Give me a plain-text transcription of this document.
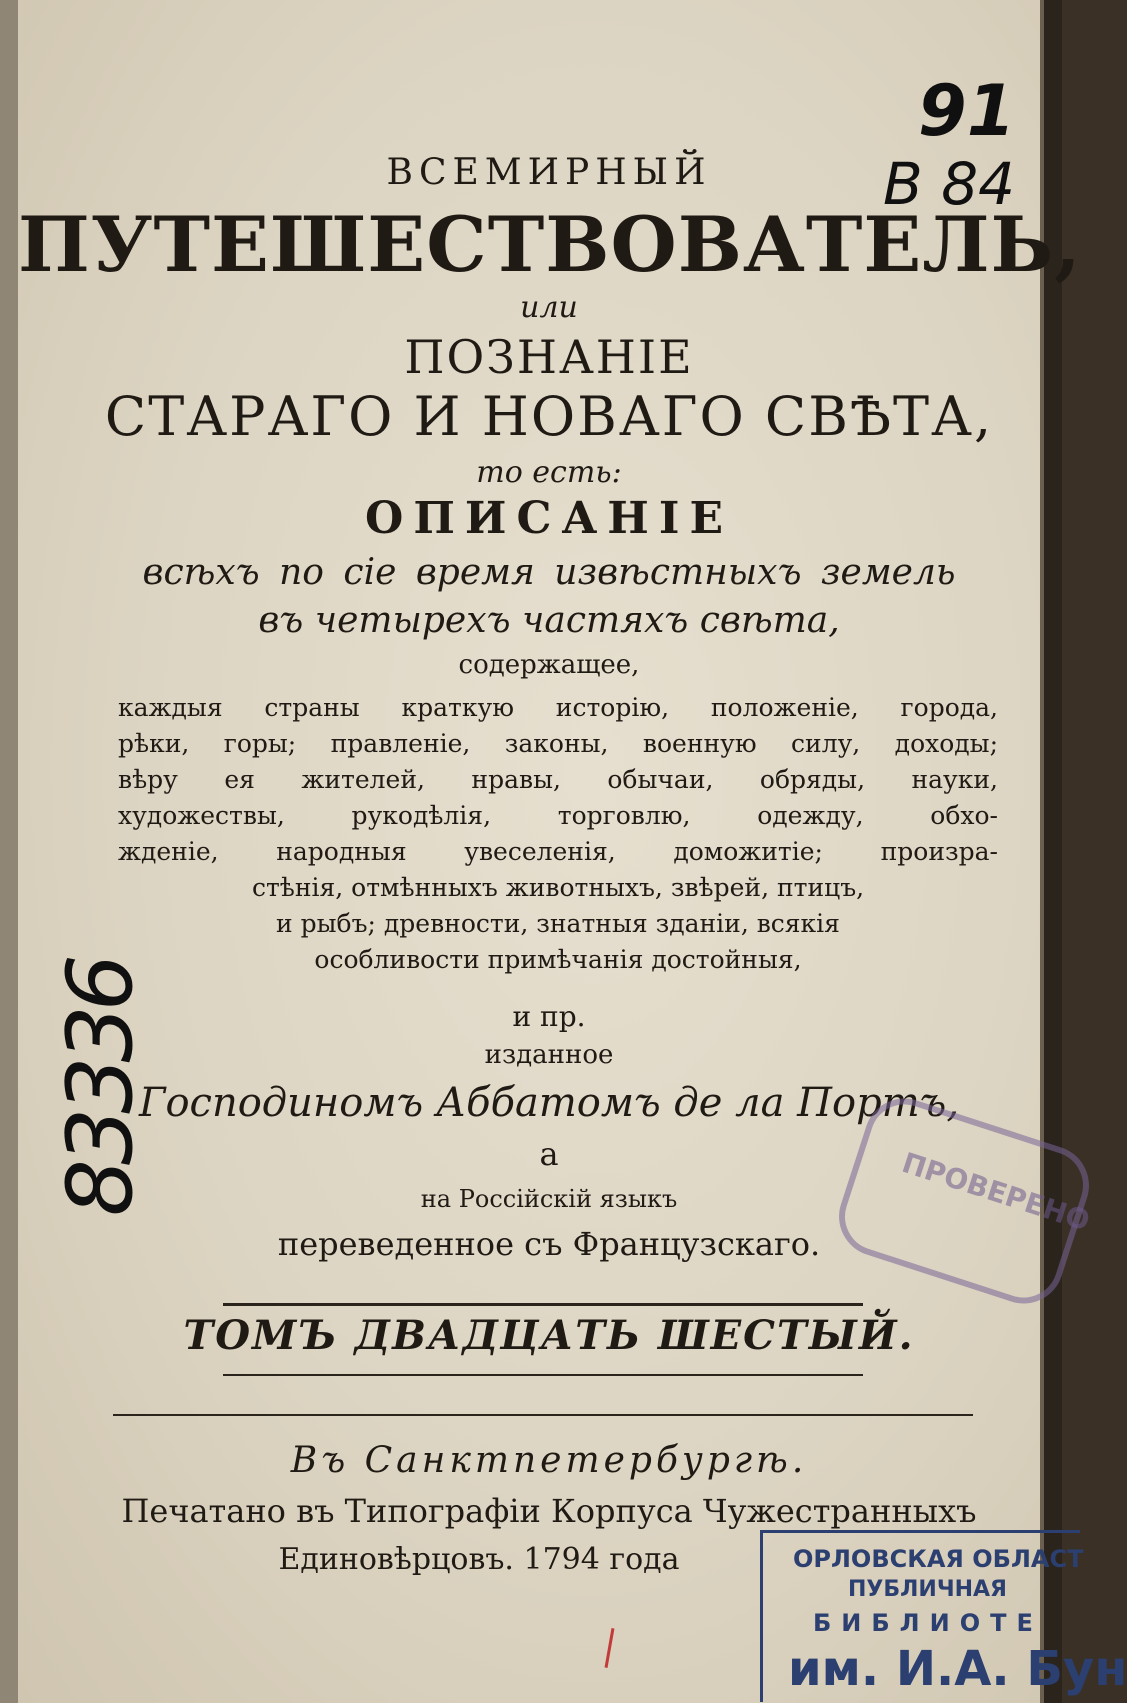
91
В 84
83336
ВСЕМИРНЫЙ
ПУТЕШЕСТВОВАТЕЛЬ,
или
ПОЗНАНІЕ
СТАРАГО И НОВАГО СВѢТА,
то есть:
ОПИСАНІЕ
всѣхъ по сіе время извѣстныхъ земель
въ четырехъ частяхъ свѣта,
содержащее,
каждыя страны краткую исторію, положеніе, города,
рѣки, горы; правленіе, законы, военную силу, доходы;
вѣру ея жителей, нравы, обычаи, обряды, науки,
художествы, рукодѣлія, торговлю, одежду, обхо-
жденіе, народныя увеселенія, доможитіе; произра-
стѣнія, отмѣнныхъ животныхъ, звѣрей, птицъ,
и рыбъ; древности, знатныя зданіи, всякія
особливости примѣчанія достойныя,
и пр.
изданное
Господиномъ Аббатомъ де ла Портъ,
а
на Россійскій языкъ
переведенное съ Французскаго.
ТОМЪ ДВАДЦАТЬ ШЕСТЫЙ.
Въ Санктпетербургѣ.
Печатано въ Типографіи Корпуса Чужестранныхъ
Единовѣрцовъ. 1794 года
ПРОВЕРЕНО
ОРЛОВСКАЯ ОБЛАСТ
ПУБЛИЧНАЯ
БИБЛИОТЕ
им. И.А. Бун
